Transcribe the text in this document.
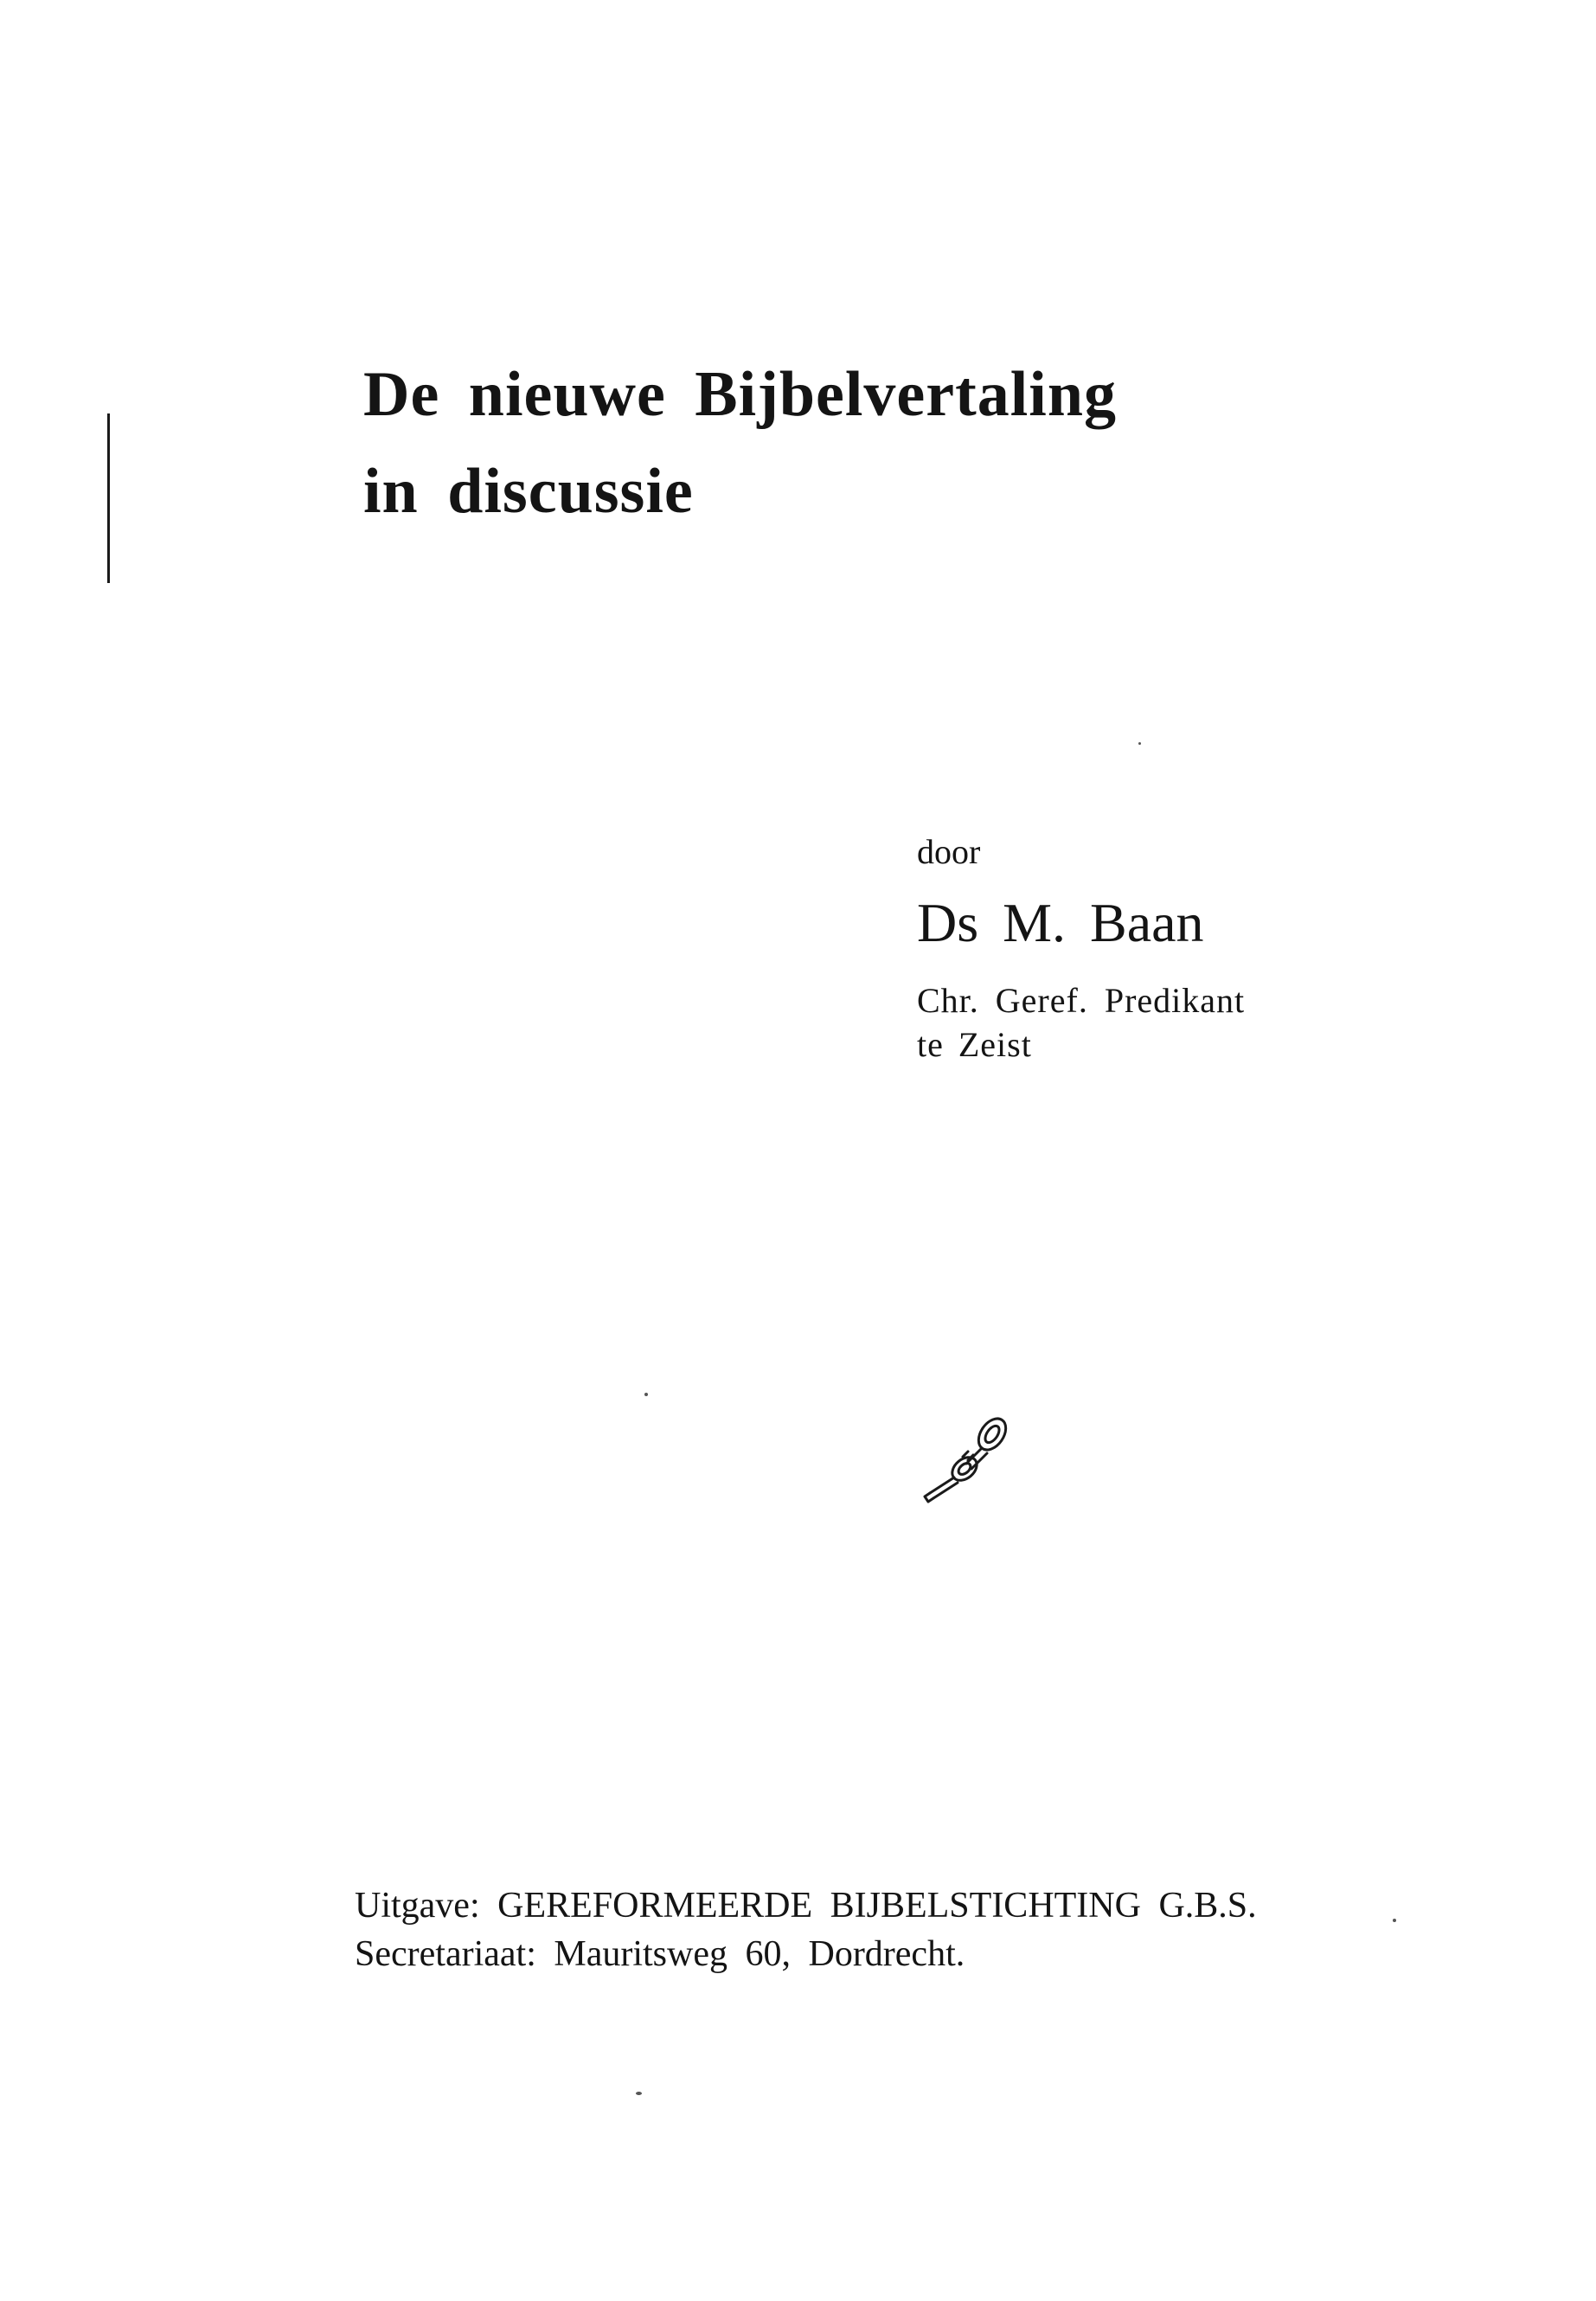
De nieuwe Bijbelvertaling
in discussie
door
Ds M. Baan
Chr. Geref. Predikant
te Zeist
Uitgave: GEREFORMEERDE BIJBELSTICHTING G.B.S.
Secretariaat: Mauritsweg 60, Dordrecht.
